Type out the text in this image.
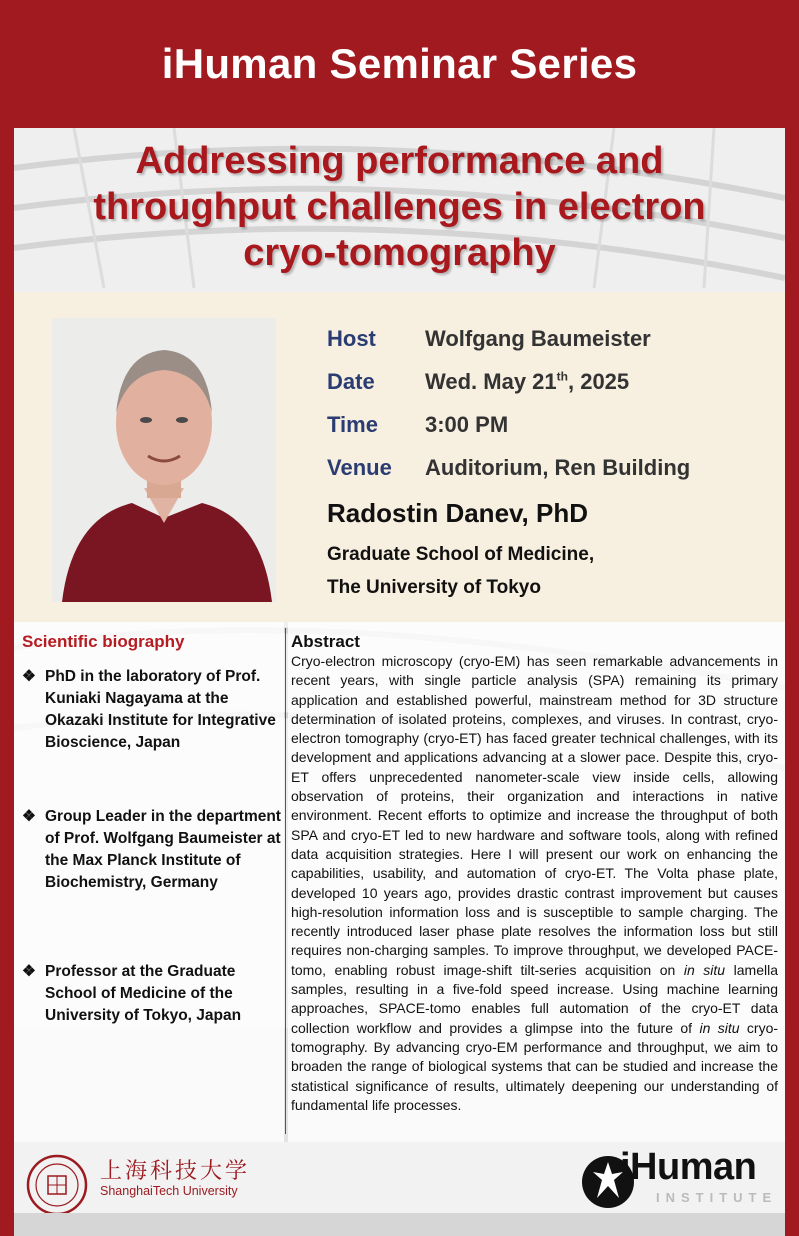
iHuman Seminar Series
Addressing performance and
throughput challenges in electron
cryo-tomography
Host	Wolfgang Baumeister
Date	Wed. May 21th, 2025
Time	3:00 PM
Venue	Auditorium, Ren Building
Radostin Danev, PhD
Graduate School of Medicine,
The University of Tokyo
Scientific biography
❖ PhD in the laboratory of Prof. Kuniaki Nagayama at the Okazaki Institute for Integrative Bioscience, Japan
❖ Group Leader in the department of Prof. Wolfgang Baumeister at the Max Planck Institute of Biochemistry, Germany
❖ Professor at the Graduate School of Medicine of the University of Tokyo, Japan
Abstract
Cryo-electron microscopy (cryo-EM) has seen remarkable advancements in recent years, with single particle analysis (SPA) remaining its primary application and established powerful, mainstream method for 3D structure determination of isolated proteins, complexes, and viruses. In contrast, cryo-electron tomography (cryo-ET) has faced greater technical challenges, with its development and applications advancing at a slower pace. Despite this, cryo-ET offers unprecedented nanometer-scale view inside cells, allowing observation of proteins, their organization and interactions in native environment. Recent efforts to optimize and increase the throughput of both SPA and cryo-ET led to new hardware and software tools, along with refined data acquisition strategies. Here I will present our work on enhancing the capabilities, usability, and automation of cryo-ET. The Volta phase plate, developed 10 years ago, provides drastic contrast improvement but causes high-resolution information loss and is susceptible to sample charging. The recently introduced laser phase plate resolves the information loss but still requires non-charging samples. To improve throughput, we developed PACE-tomo, enabling robust image-shift tilt-series acquisition on in situ lamella samples, resulting in a five-fold speed increase. Using machine learning approaches, SPACE-tomo enables full automation of the cryo-ET data collection workflow and provides a glimpse into the future of in situ cryo-tomography. By advancing cryo-EM performance and throughput, we aim to broaden the range of biological systems that can be studied and increase the statistical significance of results, ultimately deepening our understanding of fundamental life processes.
上海科技大学
ShanghaiTech University
iHuman
INSTITUTE
